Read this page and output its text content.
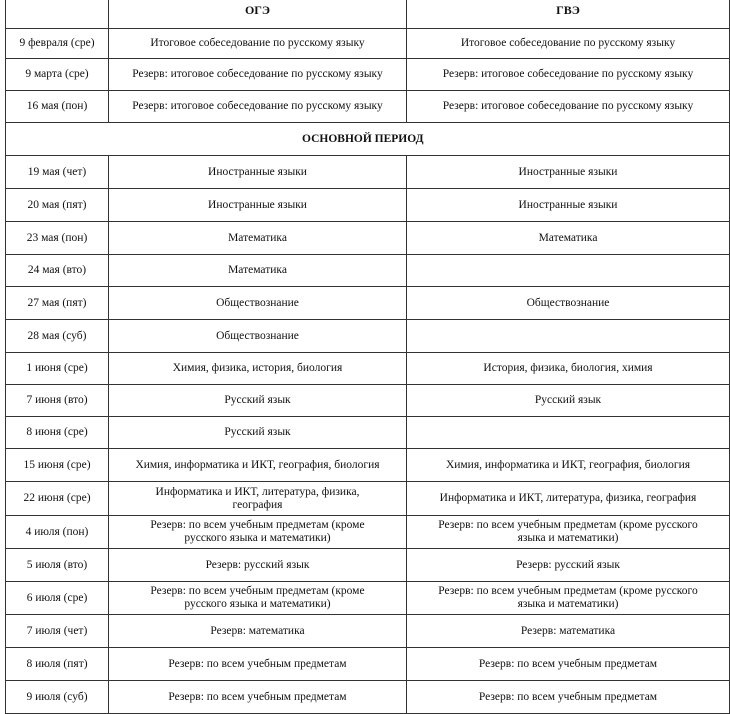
	ОГЭ	ГВЭ
9 февраля (сре)	Итоговое собеседование по русскому языку	Итоговое собеседование по русскому языку
9 марта (сре)	Резерв: итоговое собеседование по русскому языку	Резерв: итоговое собеседование по русскому языку
16 мая (пон)	Резерв: итоговое собеседование по русскому языку	Резерв: итоговое собеседование по русскому языку
ОСНОВНОЙ ПЕРИОД		
19 мая (чет)	Иностранные языки	Иностранные языки
20 мая (пят)	Иностранные языки	Иностранные языки
23 мая (пон)	Математика	Математика
24 мая (вто)	Математика	
27 мая (пят)	Обществознание	Обществознание
28 мая (суб)	Обществознание	
1 июня (сре)	Химия, физика, история, биология	История, физика, биология, химия
7 июня (вто)	Русский язык	Русский язык
8 июня (сре)	Русский язык	
15 июня (сре)	Химия, информатика и ИКТ, география, биология	Химия, информатика и ИКТ, география, биология
22 июня (сре)	Информатика и ИКТ, литература, физика, география	Информатика и ИКТ, литература, физика, география
4 июля (пон)	Резерв: по всем учебным предметам (кроме русского языка и математики)	Резерв: по всем учебным предметам (кроме русского языка и математики)
5 июля (вто)	Резерв: русский язык	Резерв: русский язык
6 июля (сре)	Резерв: по всем учебным предметам (кроме русского языка и математики)	Резерв: по всем учебным предметам (кроме русского языка и математики)
7 июля (чет)	Резерв: математика	Резерв: математика
8 июля (пят)	Резерв: по всем учебным предметам	Резерв: по всем учебным предметам
9 июля (суб)	Резерв: по всем учебным предметам	Резерв: по всем учебным предметам
